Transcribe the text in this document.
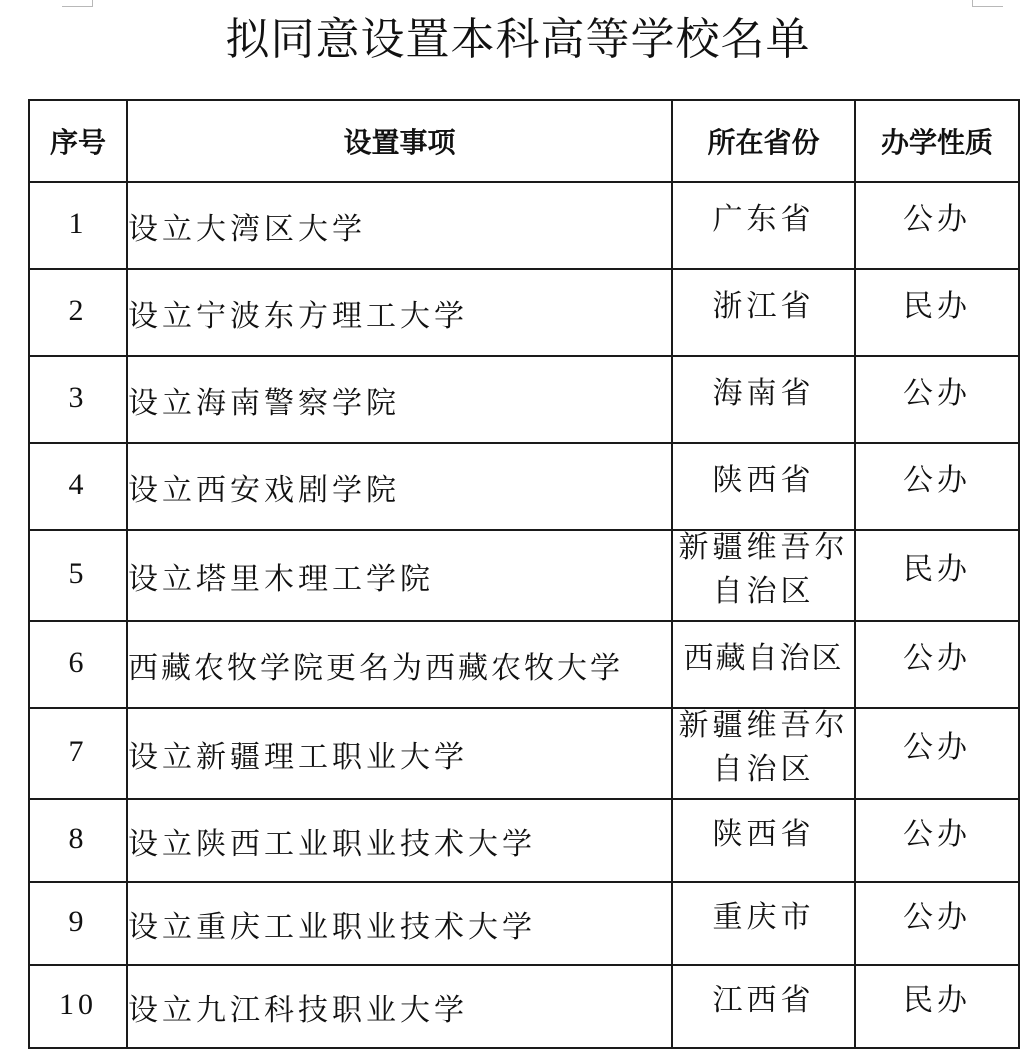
拟同意设置本科高等学校名单
序号	设置事项	所在省份	办学性质

1	设立大湾区大学	广东省	公办

2	设立宁波东方理工大学	浙江省	民办

3	设立海南警察学院	海南省	公办

4	设立西安戏剧学院	陕西省	公办

5	设立塔里木理工学院	新疆维吾尔自治区	民办

6	西藏农牧学院更名为西藏农牧大学	西藏自治区	公办

7	设立新疆理工职业大学	新疆维吾尔自治区	公办

8	设立陕西工业职业技术大学	陕西省	公办

9	设立重庆工业职业技术大学	重庆市	公办

10	设立九江科技职业大学	江西省	民办
